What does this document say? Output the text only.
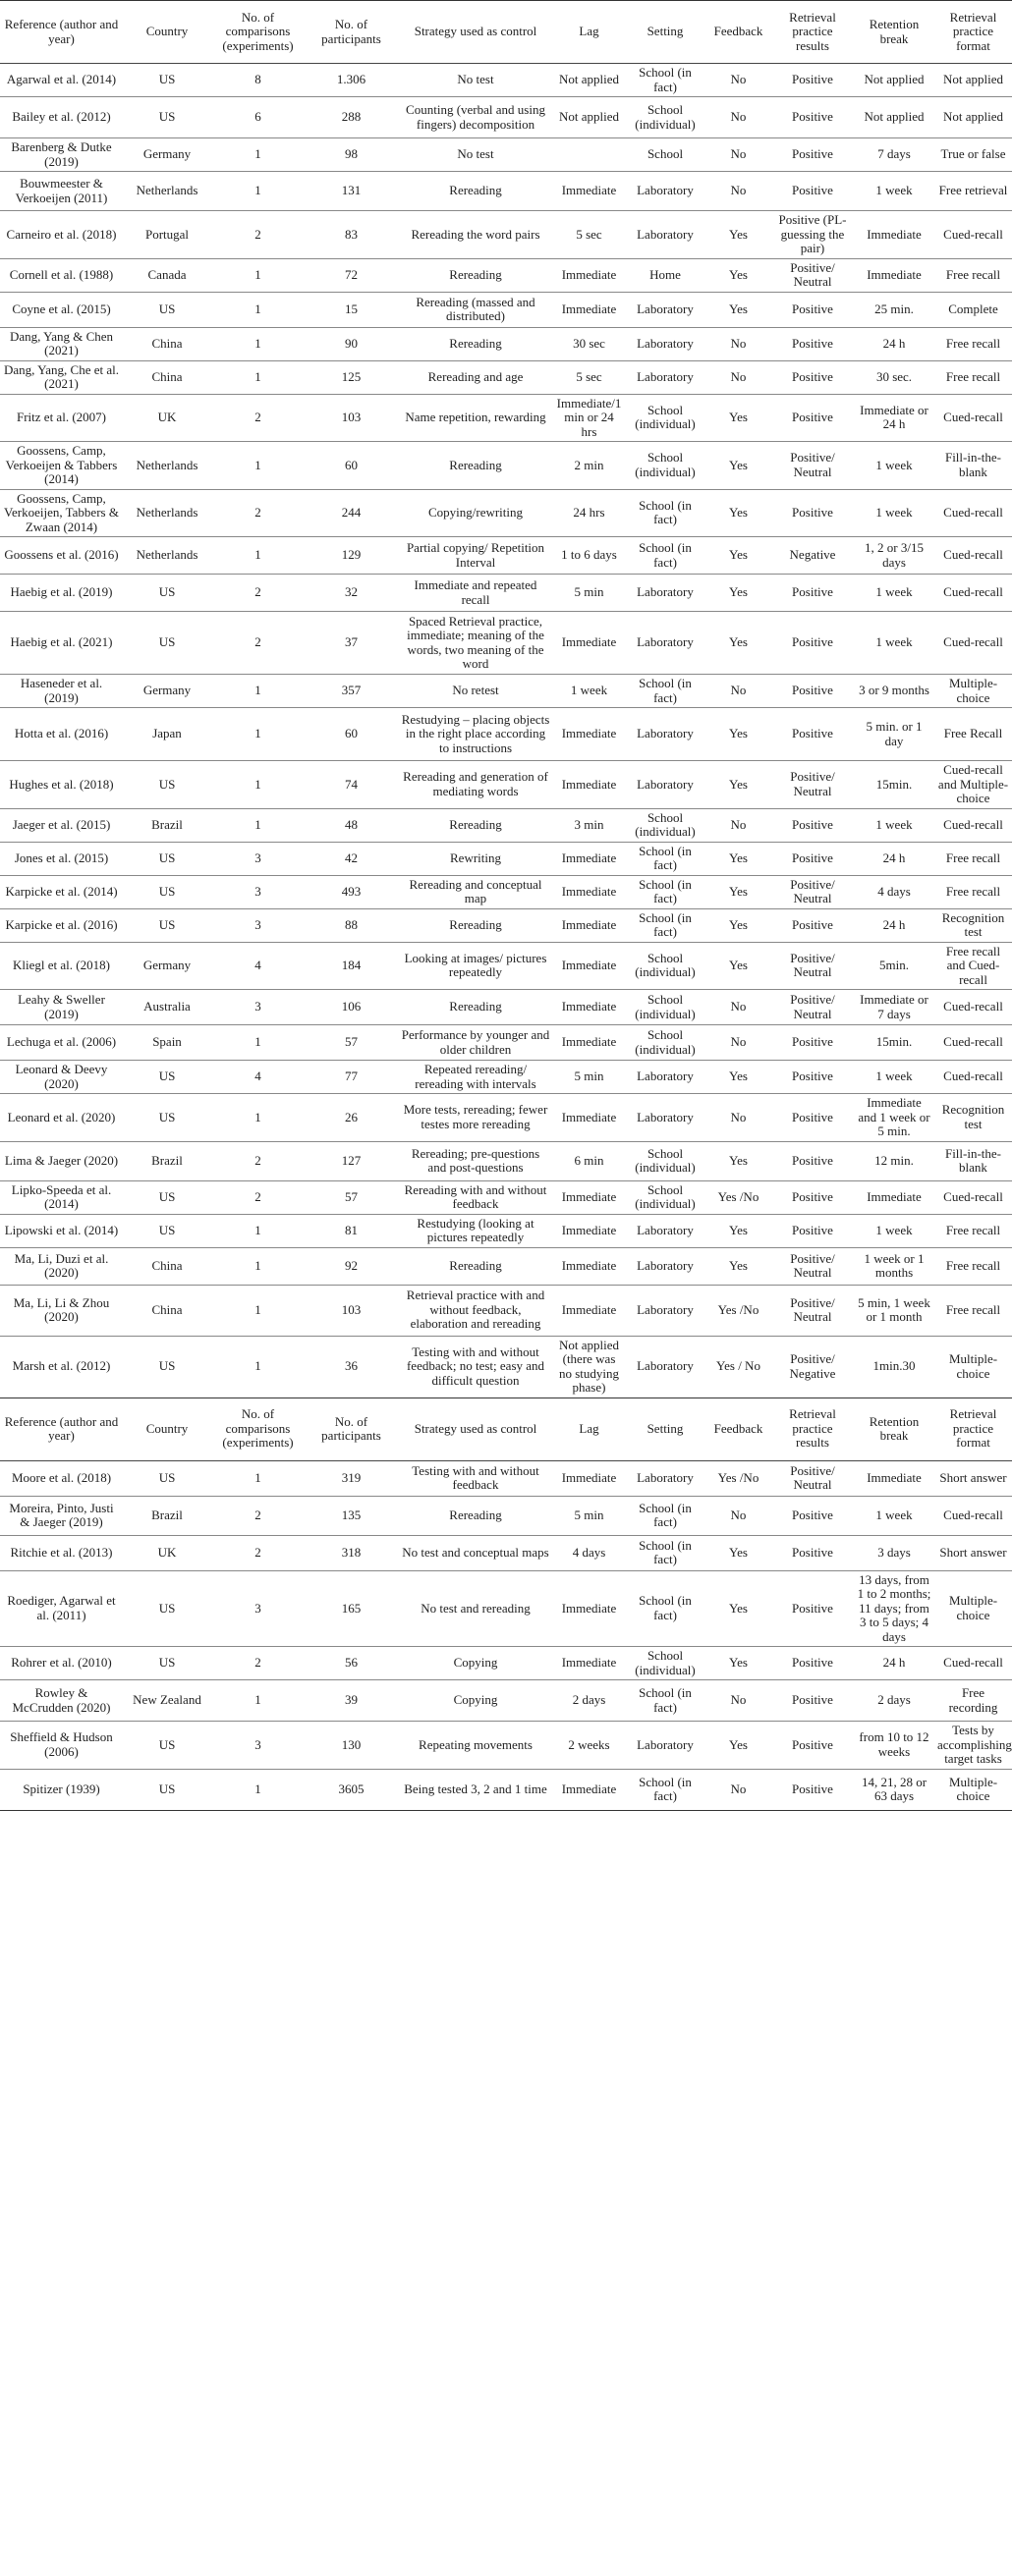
Reference (author and year)	Country	No. of comparisons (experiments)	No. of participants	Strategy used as control	Lag	Setting	Feedback	Retrieval practice results	Retention break	Retrieval practice format
Agarwal et al. (2014)	US	8	1.306	No test	Not applied	School (in fact)	No	Positive	Not applied	Not applied
Bailey et al. (2012)	US	6	288	Counting (verbal and using fingers) decomposition	Not applied	School (individual)	No	Positive	Not applied	Not applied
Barenberg & Dutke (2019)	Germany	1	98	No test		School	No	Positive	7 days	True or false
Bouwmeester & Verkoeijen (2011)	Netherlands	1	131	Rereading	Immediate	Laboratory	No	Positive	1 week	Free retrieval
Carneiro et al. (2018)	Portugal	2	83	Rereading the word pairs	5 sec	Laboratory	Yes	Positive (PL- guessing the pair)	Immediate	Cued-recall
Cornell et al. (1988)	Canada	1	72	Rereading	Immediate	Home	Yes	Positive/ Neutral	Immediate	Free recall
Coyne et al. (2015)	US	1	15	Rereading (massed and distributed)	Immediate	Laboratory	Yes	Positive	25 min.	Complete
Dang, Yang & Chen (2021)	China	1	90	Rereading	30 sec	Laboratory	No	Positive	24 h	Free recall
Dang, Yang, Che et al. (2021)	China	1	125	Rereading and age	5 sec	Laboratory	No	Positive	30 sec.	Free recall
Fritz et al. (2007)	UK	2	103	Name repetition, rewarding	Immediate/1 min or 24 hrs	School (individual)	Yes	Positive	Immediate or 24 h	Cued-recall
Goossens, Camp, Verkoeijen & Tabbers (2014)	Netherlands	1	60	Rereading	2 min	School (individual)	Yes	Positive/ Neutral	1 week	Fill-in-the-blank
Goossens, Camp, Verkoeijen, Tabbers & Zwaan (2014)	Netherlands	2	244	Copying/rewriting	24 hrs	School (in fact)	Yes	Positive	1 week	Cued-recall
Goossens et al. (2016)	Netherlands	1	129	Partial copying/ Repetition Interval	1 to 6 days	School (in fact)	Yes	Negative	1, 2 or 3/15 days	Cued-recall
Haebig et al. (2019)	US	2	32	Immediate and repeated recall	5 min	Laboratory	Yes	Positive	1 week	Cued-recall
Haebig et al. (2021)	US	2	37	Spaced Retrieval practice, immediate; meaning of the words, two meaning of the word	Immediate	Laboratory	Yes	Positive	1 week	Cued-recall
Haseneder et al. (2019)	Germany	1	357	No retest	1 week	School (in fact)	No	Positive	3 or 9 months	Multiple-choice
Hotta et al. (2016)	Japan	1	60	Restudying – placing objects in the right place according to instructions	Immediate	Laboratory	Yes	Positive	5 min. or 1 day	Free Recall
Hughes et al. (2018)	US	1	74	Rereading and generation of mediating words	Immediate	Laboratory	Yes	Positive/ Neutral	15min.	Cued-recall and Multiple-choice
Jaeger et al. (2015)	Brazil	1	48	Rereading	3 min	School (individual)	No	Positive	1 week	Cued-recall
Jones et al. (2015)	US	3	42	Rewriting	Immediate	School (in fact)	Yes	Positive	24 h	Free recall
Karpicke et al. (2014)	US	3	493	Rereading and conceptual map	Immediate	School (in fact)	Yes	Positive/ Neutral	4 days	Free recall
Karpicke et al. (2016)	US	3	88	Rereading	Immediate	School (in fact)	Yes	Positive	24 h	Recognition test
Kliegl et al. (2018)	Germany	4	184	Looking at images/ pictures repeatedly	Immediate	School (individual)	Yes	Positive/ Neutral	5min.	Free recall and Cued-recall
Leahy & Sweller (2019)	Australia	3	106	Rereading	Immediate	School (individual)	No	Positive/ Neutral	Immediate or 7 days	Cued-recall
Lechuga et al. (2006)	Spain	1	57	Performance by younger and older children	Immediate	School (individual)	No	Positive	15min.	Cued-recall
Leonard & Deevy (2020)	US	4	77	Repeated rereading/ rereading with intervals	5 min	Laboratory	Yes	Positive	1 week	Cued-recall
Leonard et al. (2020)	US	1	26	More tests, rereading; fewer testes more rereading	Immediate	Laboratory	No	Positive	Immediate and 1 week or 5 min.	Recognition test
Lima & Jaeger (2020)	Brazil	2	127	Rereading; pre-questions and post-questions	6 min	School (individual)	Yes	Positive	12 min.	Fill-in-the-blank
Lipko-Speeda et al. (2014)	US	2	57	Rereading with and without feedback	Immediate	School (individual)	Yes /No	Positive	Immediate	Cued-recall
Lipowski et al. (2014)	US	1	81	Restudying (looking at pictures repeatedly	Immediate	Laboratory	Yes	Positive	1 week	Free recall
Ma, Li, Duzi et al. (2020)	China	1	92	Rereading	Immediate	Laboratory	Yes	Positive/ Neutral	1 week or 1 months	Free recall
Ma, Li, Li & Zhou (2020)	China	1	103	Retrieval practice with and without feedback, elaboration and rereading	Immediate	Laboratory	Yes /No	Positive/ Neutral	5 min, 1 week or 1 month	Free recall
Marsh et al. (2012)	US	1	36	Testing with and without feedback; no test; easy and difficult question	Not applied (there was no studying phase)	Laboratory	Yes / No	Positive/ Negative	1min.30	Multiple-choice
Reference (author and year)	Country	No. of comparisons (experiments)	No. of participants	Strategy used as control	Lag	Setting	Feedback	Retrieval practice results	Retention break	Retrieval practice format
Moore et al. (2018)	US	1	319	Testing with and without feedback	Immediate	Laboratory	Yes /No	Positive/ Neutral	Immediate	Short answer
Moreira, Pinto, Justi & Jaeger (2019)	Brazil	2	135	Rereading	5 min	School (in fact)	No	Positive	1 week	Cued-recall
Ritchie et al. (2013)	UK	2	318	No test and conceptual maps	4 days	School (in fact)	Yes	Positive	3 days	Short answer
Roediger, Agarwal et al. (2011)	US	3	165	No test and rereading	Immediate	School (in fact)	Yes	Positive	13 days, from 1 to 2 months; 11 days; from 3 to 5 days; 4 days	Multiple-choice
Rohrer et al. (2010)	US	2	56	Copying	Immediate	School (individual)	Yes	Positive	24 h	Cued-recall
Rowley & McCrudden (2020)	New Zealand	1	39	Copying	2 days	School (in fact)	No	Positive	2 days	Free recording
Sheffield & Hudson (2006)	US	3	130	Repeating movements	2 weeks	Laboratory	Yes	Positive	from 10 to 12 weeks	Tests by accomplishing target tasks
Spitizer (1939)	US	1	3605	Being tested 3, 2 and 1 time	Immediate	School (in fact)	No	Positive	14, 21, 28 or 63 days	Multiple-choice
